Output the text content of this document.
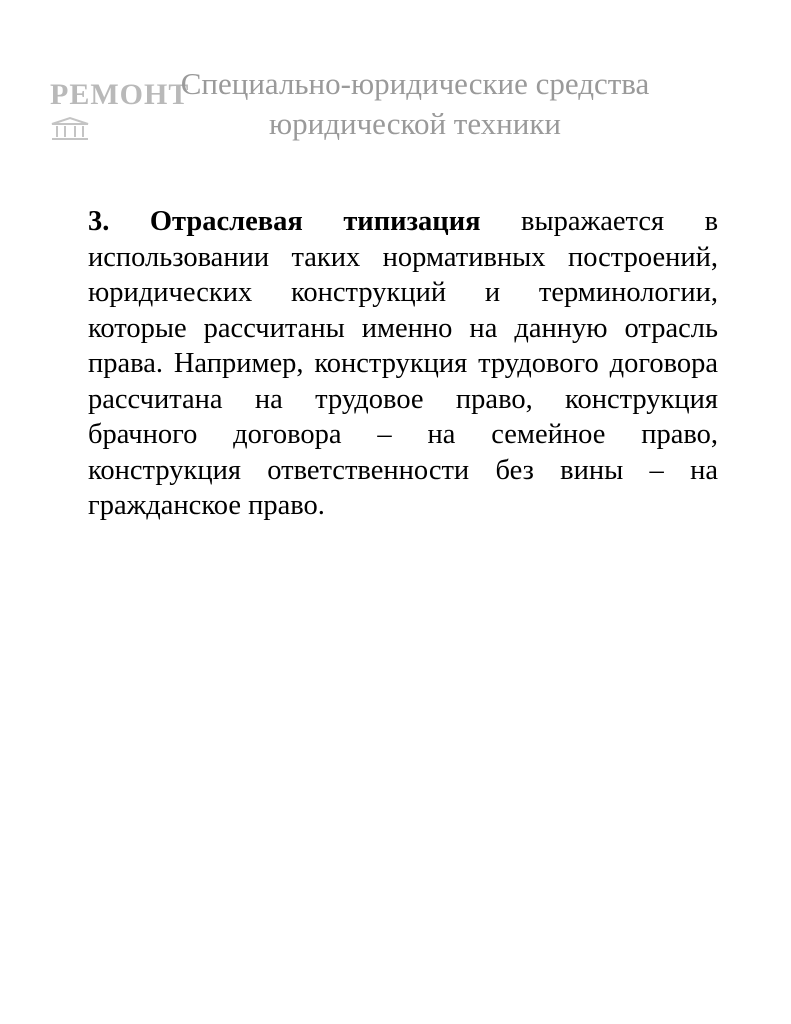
РЕМОНТ
Специально-юридические средства
юридической техники
3. Отраслевая типизация выражается в
использовании таких нормативных построений,
юридических конструкций и терминологии,
которые рассчитаны именно на данную отрасль
права. Например, конструкция трудового договора
рассчитана на трудовое право, конструкция
брачного договора – на семейное право,
конструкция ответственности без вины – на
гражданское право.
